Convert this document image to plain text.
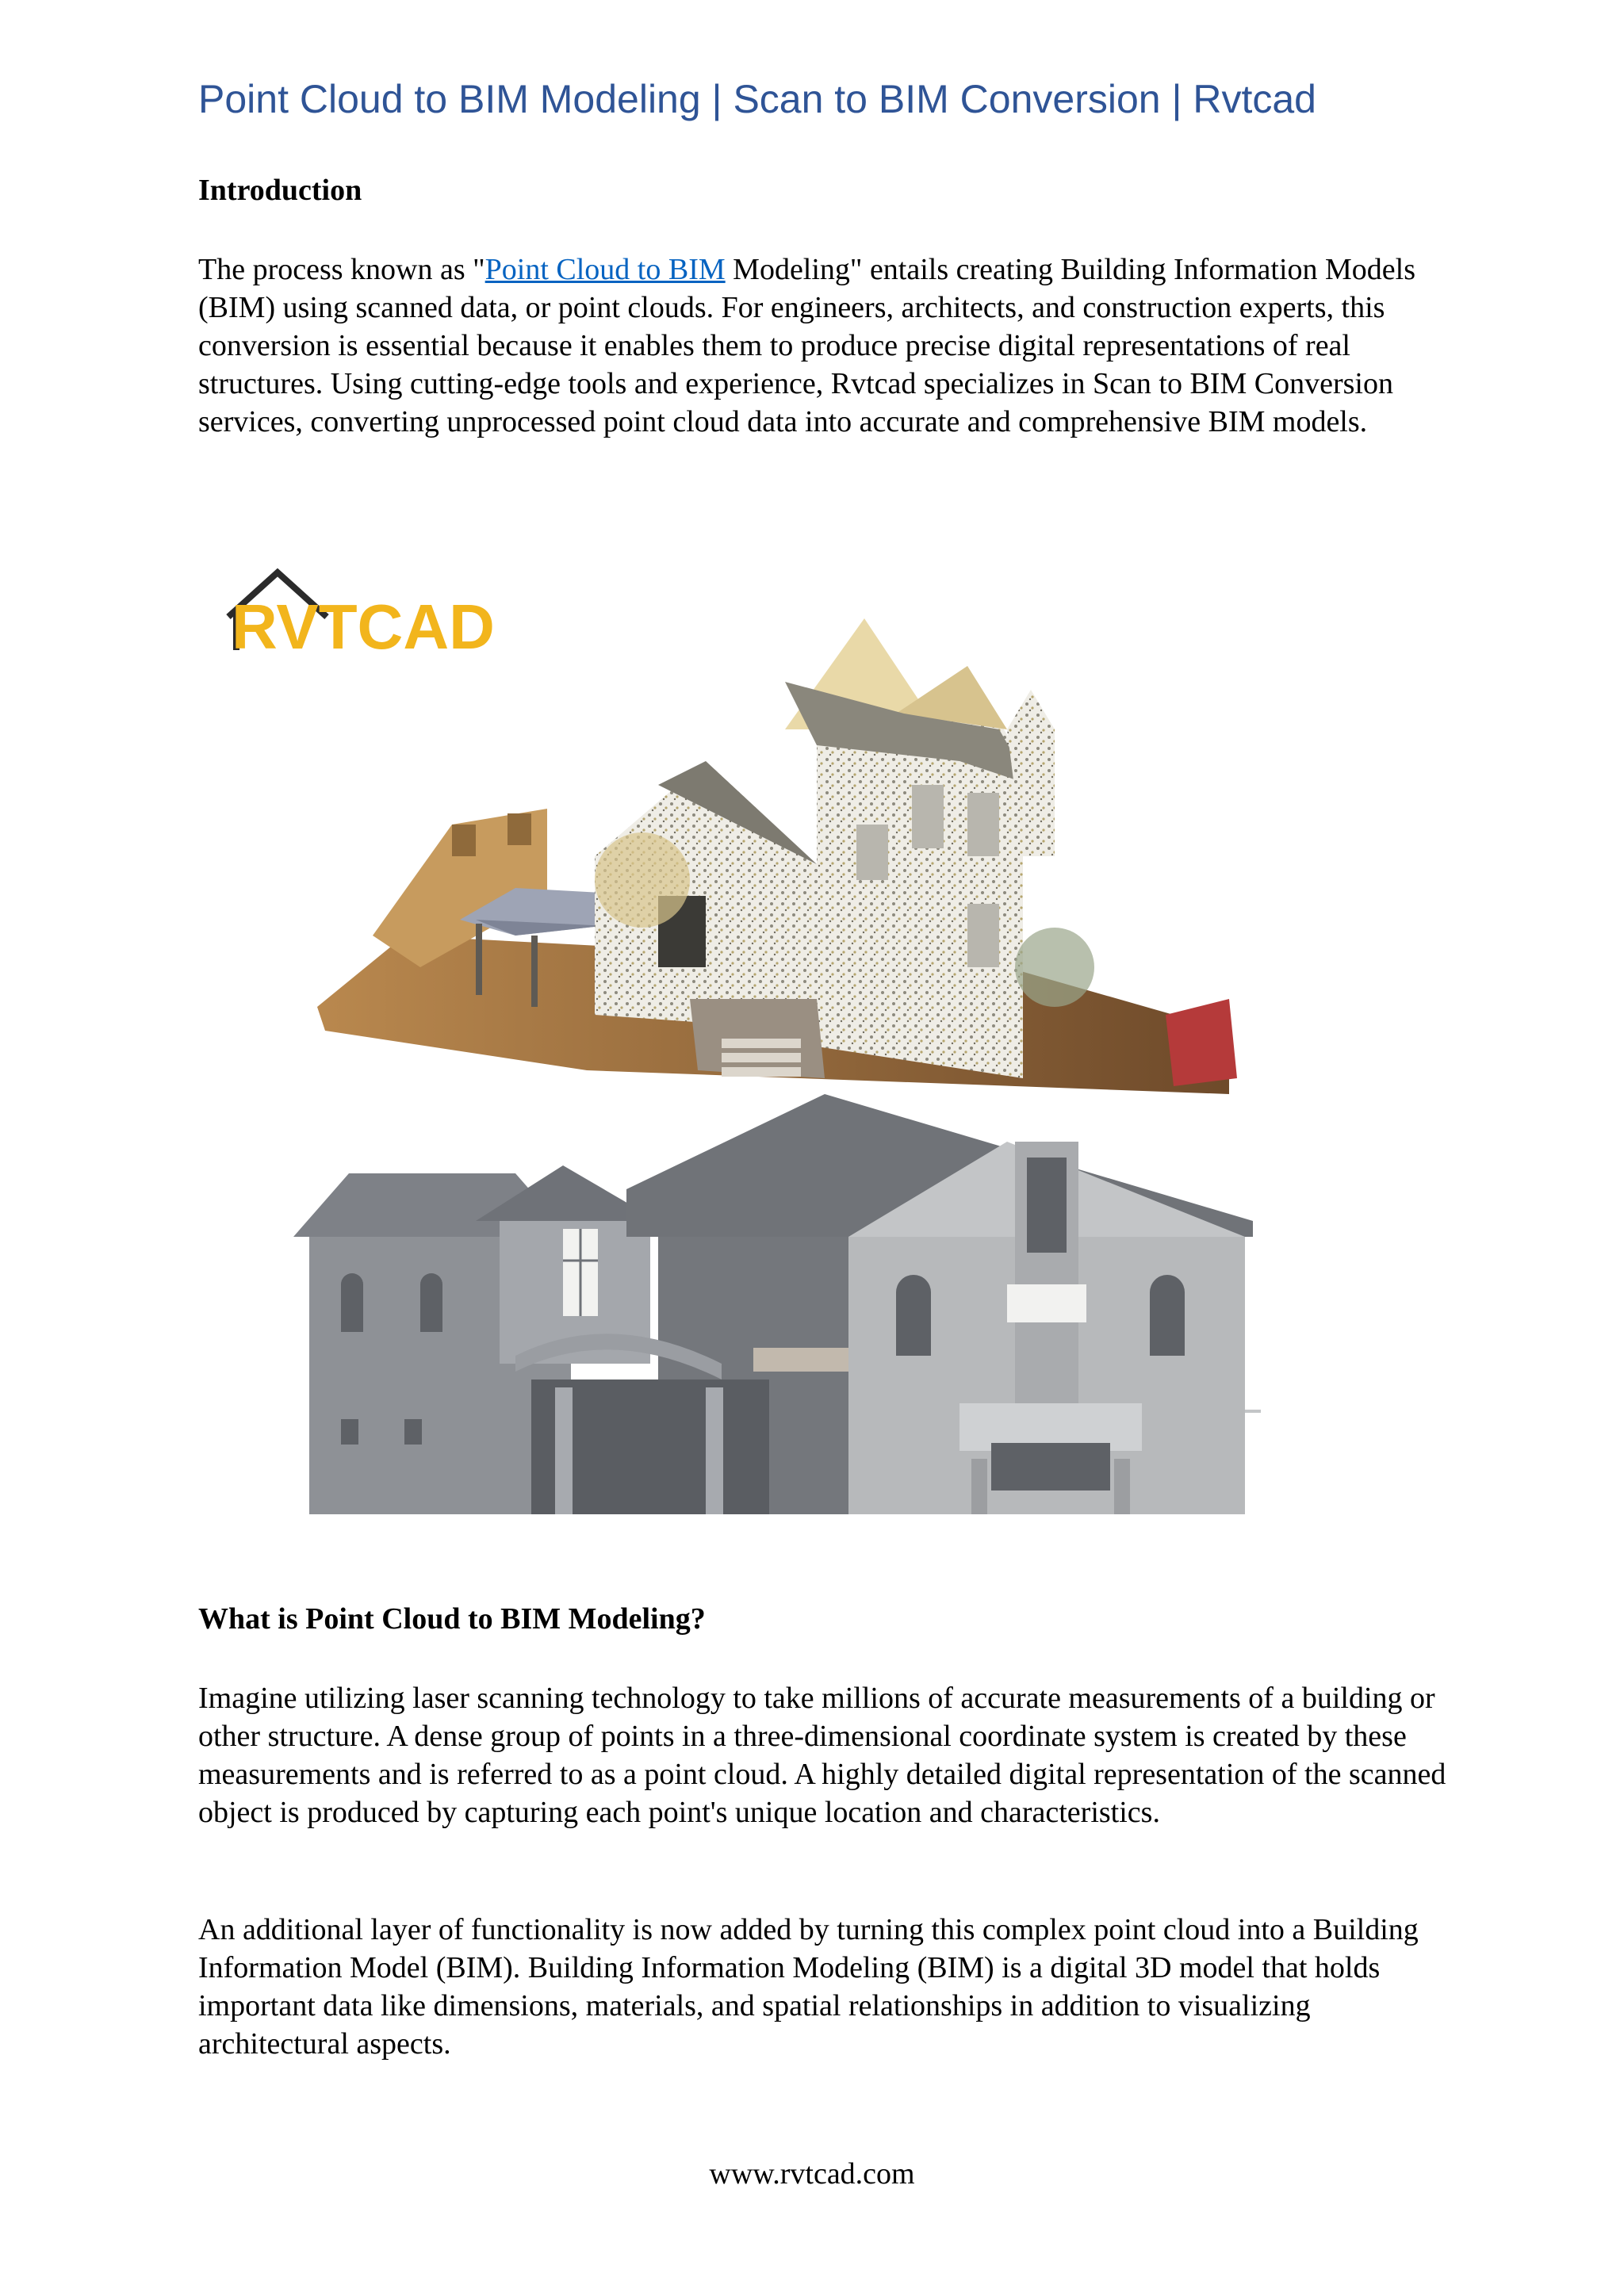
Point Cloud to BIM Modeling | Scan to BIM Conversion | Rvtcad
Introduction

The process known as "Point Cloud to BIM Modeling" entails creating Building Information Models (BIM) using scanned data, or point clouds. For engineers, architects, and construction experts, this conversion is essential because it enables them to produce precise digital representations of real structures. Using cutting-edge tools and experience, Rvtcad specializes in Scan to BIM Conversion services, converting unprocessed point cloud data into accurate and comprehensive BIM models.

RVTCAD
What is Point Cloud to BIM Modeling?

Imagine utilizing laser scanning technology to take millions of accurate measurements of a building or other structure. A dense group of points in a three-dimensional coordinate system is created by these measurements and is referred to as a point cloud. A highly detailed digital representation of the scanned object is produced by capturing each point's unique location and characteristics.

An additional layer of functionality is now added by turning this complex point cloud into a Building Information Model (BIM). Building Information Modeling (BIM) is a digital 3D model that holds important data like dimensions, materials, and spatial relationships in addition to visualizing architectural aspects.

www.rvtcad.com
